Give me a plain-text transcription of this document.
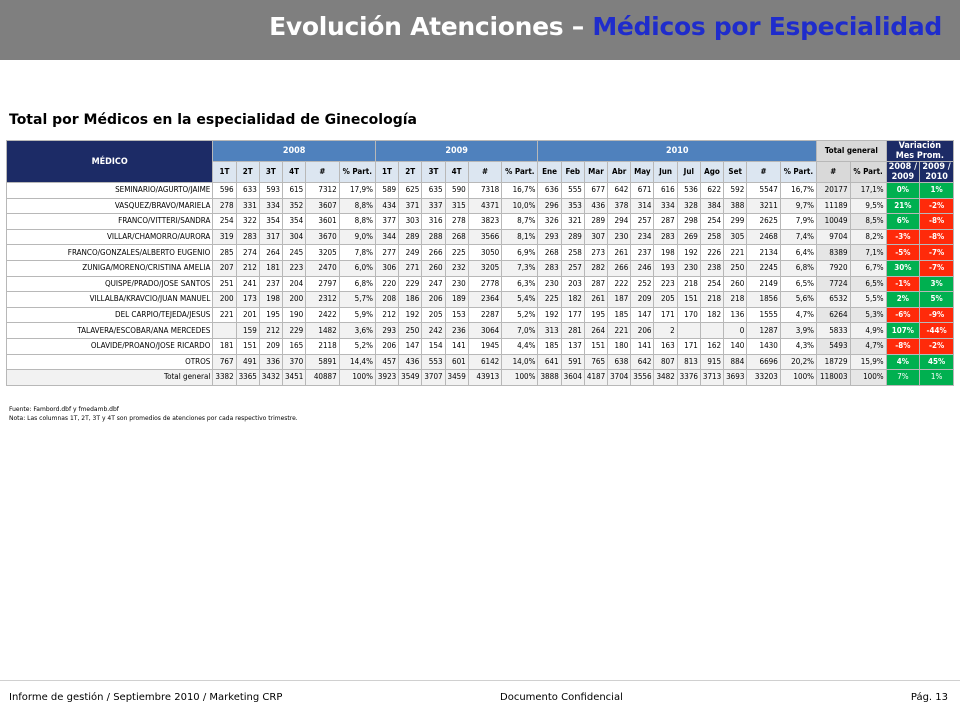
Evolución Atenciones – Médicos por Especialidad
Total por Médicos en la especialidad de Ginecología
MÉDICO	2008						2009						2010											Total general		Variación Mes Prom.	
	1T	2T	3T	4T	#	% Part.	1T	2T	3T	4T	#	% Part.	Ene	Feb	Mar	Abr	May	Jun	Jul	Ago	Set	#	% Part.	#	% Part.	2008 / 2009	2009 / 2010
SEMINARIO/AGURTO/JAIME	596	633	593	615	7312	17,9%	589	625	635	590	7318	16,7%	636	555	677	642	671	616	536	622	592	5547	16,7%	20177	17,1%	0%	1%
VASQUEZ/BRAVO/MARIELA	278	331	334	352	3607	8,8%	434	371	337	315	4371	10,0%	296	353	436	378	314	334	328	384	388	3211	9,7%	11189	9,5%	21%	-2%
FRANCO/VITTERI/SANDRA	254	322	354	354	3601	8,8%	377	303	316	278	3823	8,7%	326	321	289	294	257	287	298	254	299	2625	7,9%	10049	8,5%	6%	-8%
VILLAR/CHAMORRO/AURORA	319	283	317	304	3670	9,0%	344	289	288	268	3566	8,1%	293	289	307	230	234	283	269	258	305	2468	7,4%	9704	8,2%	-3%	-8%
FRANCO/GONZALES/ALBERTO EUGENIO	285	274	264	245	3205	7,8%	277	249	266	225	3050	6,9%	268	258	273	261	237	198	192	226	221	2134	6,4%	8389	7,1%	-5%	-7%
ZUNIGA/MORENO/CRISTINA AMELIA	207	212	181	223	2470	6,0%	306	271	260	232	3205	7,3%	283	257	282	266	246	193	230	238	250	2245	6,8%	7920	6,7%	30%	-7%
QUISPE/PRADO/JOSE SANTOS	251	241	237	204	2797	6,8%	220	229	247	230	2778	6,3%	230	203	287	222	252	223	218	254	260	2149	6,5%	7724	6,5%	-1%	3%
VILLALBA/KRAVCIO/JUAN MANUEL	200	173	198	200	2312	5,7%	208	186	206	189	2364	5,4%	225	182	261	187	209	205	151	218	218	1856	5,6%	6532	5,5%	2%	5%
DEL CARPIO/TEJEDA/JESUS	221	201	195	190	2422	5,9%	212	192	205	153	2287	5,2%	192	177	195	185	147	171	170	182	136	1555	4,7%	6264	5,3%	-6%	-9%
TALAVERA/ESCOBAR/ANA MERCEDES		159	212	229	1482	3,6%	293	250	242	236	3064	7,0%	313	281	264	221	206	2			0	1287	3,9%	5833	4,9%	107%	-44%
OLAVIDE/PROANO/JOSE RICARDO	181	151	209	165	2118	5,2%	206	147	154	141	1945	4,4%	185	137	151	180	141	163	171	162	140	1430	4,3%	5493	4,7%	-8%	-2%
OTROS	767	491	336	370	5891	14,4%	457	436	553	601	6142	14,0%	641	591	765	638	642	807	813	915	884	6696	20,2%	18729	15,9%	4%	45%
Total general	3382	3365	3432	3451	40887	100%	3923	3549	3707	3459	43913	100%	3888	3604	4187	3704	3556	3482	3376	3713	3693	33203	100%	118003	100%	7%	1%
Fuente: Fambord.dbf y fmedamb.dbf
Nota: Las columnas 1T, 2T, 3T y 4T son promedios de atenciones por cada respectivo trimestre.
Informe de gestión / Septiembre 2010 / Marketing CRP	Documento Confidencial	Pág. 13
